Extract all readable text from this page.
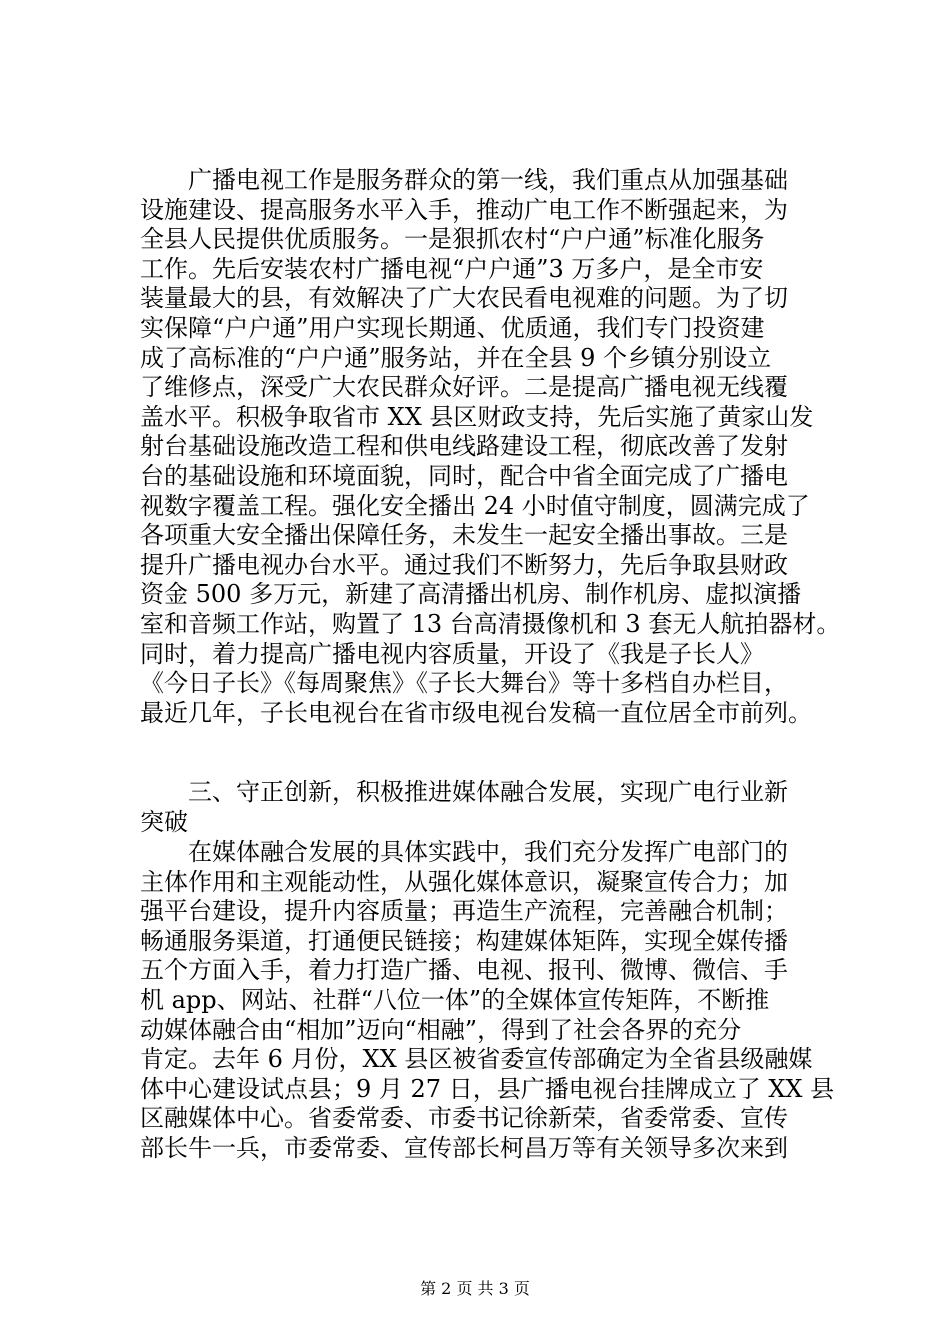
　　广播电视工作是服务群众的第一线，我们重点从加强基础

设施建设、提高服务水平入手，推动广电工作不断强起来，为

全县人民提供优质服务。一是狠抓农村“户户通”标准化服务

工作。先后安装农村广播电视“户户通”3 万多户，是全市安

装量最大的县，有效解决了广大农民看电视难的问题。为了切

实保障“户户通”用户实现长期通、优质通，我们专门投资建

成了高标准的“户户通”服务站，并在全县 9 个乡镇分别设立

了维修点，深受广大农民群众好评。二是提高广播电视无线覆

盖水平。积极争取省市 XX 县区财政支持，先后实施了黄家山发

射台基础设施改造工程和供电线路建设工程，彻底改善了发射

台的基础设施和环境面貌，同时，配合中省全面完成了广播电

视数字覆盖工程。强化安全播出 24 小时值守制度，圆满完成了

各项重大安全播出保障任务，未发生一起安全播出事故。三是

提升广播电视办台水平。通过我们不断努力，先后争取县财政

资金 500 多万元，新建了高清播出机房、制作机房、虚拟演播

室和音频工作站，购置了 13 台高清摄像机和 3 套无人航拍器材。

同时，着力提高广播电视内容质量，开设了《我是子长人》

《今日子长》《每周聚焦》《子长大舞台》等十多档自办栏目，

最近几年，子长电视台在省市级电视台发稿一直位居全市前列。

　　三、守正创新，积极推进媒体融合发展，实现广电行业新

突破

　　在媒体融合发展的具体实践中，我们充分发挥广电部门的

主体作用和主观能动性，从强化媒体意识，凝聚宣传合力；加

强平台建设，提升内容质量；再造生产流程，完善融合机制；

畅通服务渠道，打通便民链接；构建媒体矩阵，实现全媒传播

五个方面入手，着力打造广播、电视、报刊、微博、微信、手

机 app、网站、社群“八位一体”的全媒体宣传矩阵，不断推

动媒体融合由“相加”迈向“相融”，得到了社会各界的充分

肯定。去年 6 月份，XX 县区被省委宣传部确定为全省县级融媒

体中心建设试点县；9 月 27 日，县广播电视台挂牌成立了 XX 县

区融媒体中心。省委常委、市委书记徐新荣，省委常委、宣传

部长牛一兵，市委常委、宣传部长柯昌万等有关领导多次来到

第 2 页 共 3 页
